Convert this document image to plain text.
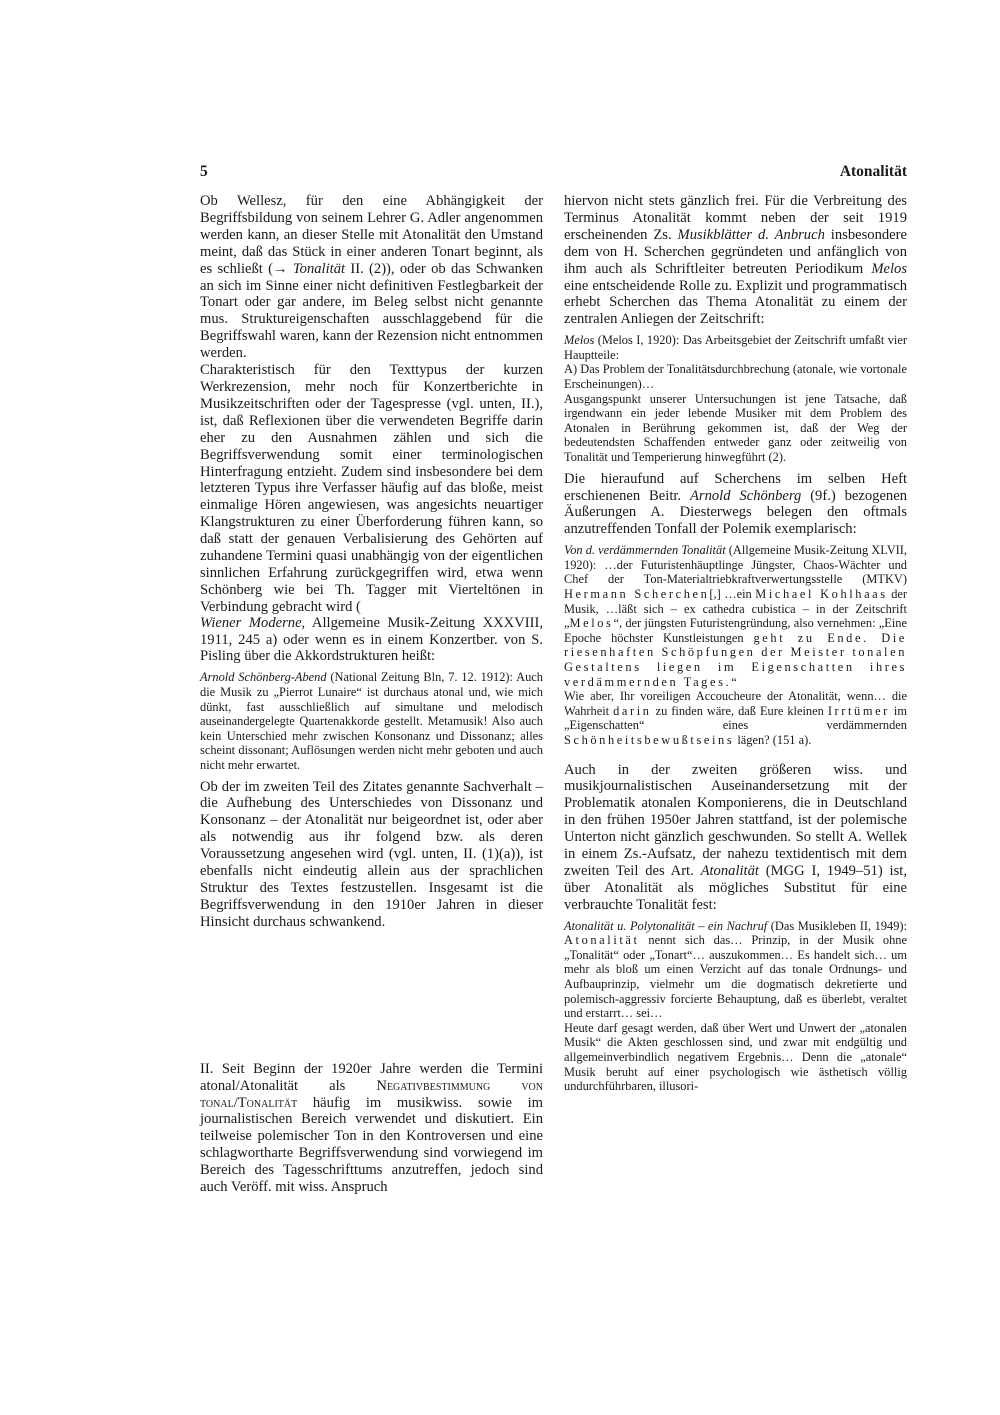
5	Atonalität

Ob Wellesz, für den eine Abhängigkeit der Begriffsbildung von seinem Lehrer G. Adler angenommen werden kann, an dieser Stelle mit Atonalität den Umstand meint, daß das Stück in einer anderen Tonart beginnt, als es schließt (→ Tonalität II. (2)), oder ob das Schwanken an sich im Sinne einer nicht definitiven Festlegbarkeit der Tonart oder gar andere, im Beleg selbst nicht genannte mus. Struktureigenschaften ausschlaggebend für die Begriffswahl waren, kann der Rezension nicht entnommen werden.

Charakteristisch für den Texttypus der kurzen Werkrezension, mehr noch für Konzertberichte in Musikzeitschriften oder der Tagespresse (vgl. unten, II.), ist, daß Reflexionen über die verwendeten Begriffe darin eher zu den Ausnahmen zählen und sich die Begriffsverwendung somit einer terminologischen Hinterfragung entzieht. Zudem sind insbesondere bei dem letzteren Typus ihre Verfasser häufig auf das bloße, meist einmalige Hören angewiesen, was angesichts neuartiger Klangstrukturen zu einer Überforderung führen kann, so daß statt der genauen Verbalisierung des Gehörten auf zuhandene Termini quasi unabhängig von der eigentlichen sinnlichen Erfahrung zurückgegriffen wird, etwa wenn Schönberg wie bei Th. Tagger mit Vierteltönen in Verbindung gebracht wird (

Wiener Moderne, Allgemeine Musik-Zeitung XXXVIII, 1911, 245 a) oder wenn es in einem Konzertber. von S. Pisling über die Akkordstrukturen heißt:

Arnold Schönberg-Abend (National Zeitung Bln, 7. 12. 1912): Auch die Musik zu „Pierrot Lunaire“ ist durchaus atonal und, wie mich dünkt, fast ausschließlich auf simultane und melodisch auseinandergelegte Quartenakkorde gestellt. Metamusik! Also auch kein Unterschied mehr zwischen Konsonanz und Dissonanz; alles scheint dissonant; Auflösungen werden nicht mehr geboten und auch nicht mehr erwartet.

Ob der im zweiten Teil des Zitates genannte Sachverhalt – die Aufhebung des Unterschiedes von Dissonanz und Konsonanz – der Atonalität nur beigeordnet ist, oder aber als notwendig aus ihr folgend bzw. als deren Voraussetzung angesehen wird (vgl. unten, II. (1)(a)), ist ebenfalls nicht eindeutig allein aus der sprachlichen Struktur des Textes festzustellen. Insgesamt ist die Begriffsverwendung in den 1910er Jahren in dieser Hinsicht durchaus schwankend.

II. Seit Beginn der 1920er Jahre werden die Termini atonal/Atonalität als Negativbestimmung von tonal/Tonalität häufig im musikwiss. sowie im journalistischen Bereich verwendet und diskutiert. Ein teilweise polemischer Ton in den Kontroversen und eine schlagwortharte Begriffsverwendung sind vorwiegend im Bereich des Tagesschrifttums anzutreffen, jedoch sind auch Veröff. mit wiss. Anspruch

hiervon nicht stets gänzlich frei. Für die Verbreitung des Terminus Atonalität kommt neben der seit 1919 erscheinenden Zs. Musikblätter d. Anbruch insbesondere dem von H. Scherchen gegründeten und anfänglich von ihm auch als Schriftleiter betreuten Periodikum Melos eine entscheidende Rolle zu. Explizit und programmatisch erhebt Scherchen das Thema Atonalität zu einem der zentralen Anliegen der Zeitschrift:

Melos (Melos I, 1920): Das Arbeitsgebiet der Zeitschrift umfaßt vier Hauptteile:

A) Das Problem der Tonalitätsdurchbrechung (atonale, wie vortonale Erscheinungen)…

Ausgangspunkt unserer Untersuchungen ist jene Tatsache, daß irgendwann ein jeder lebende Musiker mit dem Problem des Atonalen in Berührung gekommen ist, daß der Weg der bedeutendsten Schaffenden entweder ganz oder zeitweilig von Tonalität und Temperierung hinwegführt (2).

Die hieraufund auf Scherchens im selben Heft erschienenen Beitr. Arnold Schönberg (9f.) bezogenen Äußerungen A. Diesterwegs belegen den oftmals anzutreffenden Tonfall der Polemik exemplarisch:

Von d. verdämmernden Tonalität (Allgemeine Musik-Zeitung XLVII, 1920): …der Futuristenhäuptlinge Jüngster, Chaos-Wächter und Chef der Ton-Materialtriebkraftverwertungsstelle (MTKV) Hermann Scherchen[,] …ein Michael Kohlhaas der Musik, …läßt sich – ex cathedra cubistica – in der Zeitschrift „Melos“, der jüngsten Futuristengründung, also vernehmen: „Eine Epoche höchster Kunstleistungen geht zu Ende. Die riesenhaften Schöpfungen der Meister tonalen Gestaltens liegen im Eigenschatten ihres verdämmernden Tages.“

Wie aber, Ihr voreiligen Accoucheure der Atonalität, wenn… die Wahrheit darin zu finden wäre, daß Eure kleinen Irrtümer im „Eigenschatten“ eines verdämmernden Schönheitsbewußtseins lägen? (151 a).

Auch in der zweiten größeren wiss. und musikjournalistischen Auseinandersetzung mit der Problematik atonalen Komponierens, die in Deutschland in den frühen 1950er Jahren stattfand, ist der polemische Unterton nicht gänzlich geschwunden. So stellt A. Wellek in einem Zs.-Aufsatz, der nahezu textidentisch mit dem zweiten Teil des Art. Atonalität (MGG I, 1949–51) ist, über Atonalität als mögliches Substitut für eine verbrauchte Tonalität fest:

Atonalität u. Polytonalität – ein Nachruf (Das Musikleben II, 1949): Atonalität nennt sich das… Prinzip, in der Musik ohne „Tonalität“ oder „Tonart“… auszukommen… Es handelt sich… um mehr als bloß um einen Verzicht auf das tonale Ordnungs- und Aufbauprinzip, vielmehr um die dogmatisch dekretierte und polemisch-aggressiv forcierte Behauptung, daß es überlebt, veraltet und erstarrt… sei…

Heute darf gesagt werden, daß über Wert und Unwert der „atonalen Musik“ die Akten geschlossen sind, und zwar mit endgültig und allgemeinverbindlich negativem Ergebnis… Denn die „atonale“ Musik beruht auf einer psychologisch wie ästhetisch völlig undurchführbaren, illusori-
